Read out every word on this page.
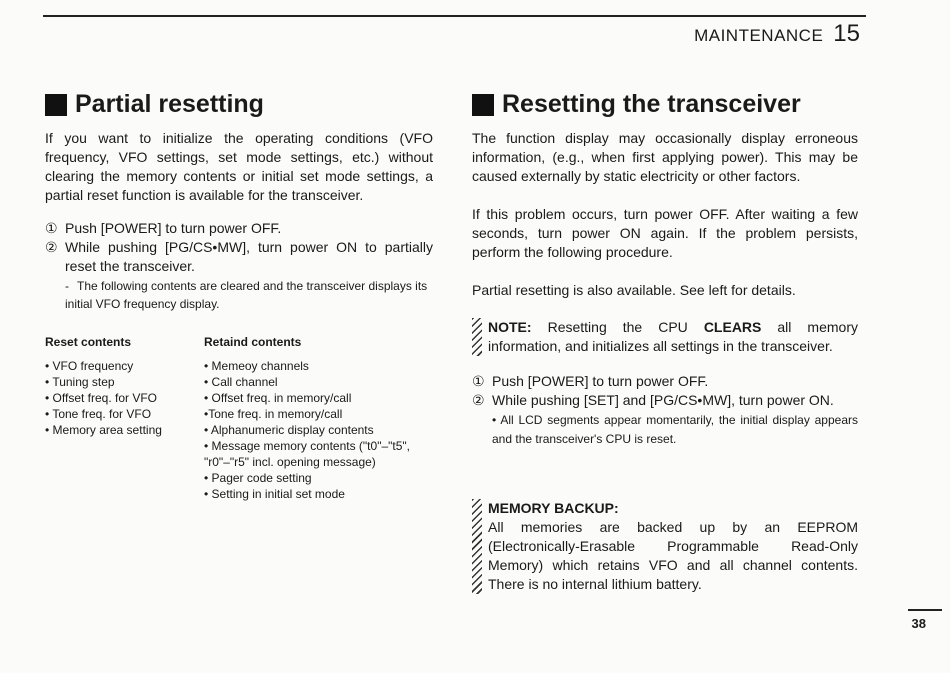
MAINTENANCE 15
Partial resetting

If you want to initialize the operating conditions (VFO frequency, VFO settings, set mode settings, etc.) without clearing the memory contents or initial set mode settings, a partial reset function is available for the transceiver.

① Push [POWER] to turn power OFF.
② While pushing [PG/CS•MW], turn power ON to partially reset the transceiver.
- The following contents are cleared and the transceiver displays its initial VFO frequency display.
Reset contents
• VFO frequency
• Tuning step
• Offset freq. for VFO
• Tone freq. for VFO
• Memory area setting
Retaind contents
• Memeoy channels
• Call channel
• Offset freq. in memory/call
•Tone freq. in memory/call
• Alphanumeric display contents
• Message memory contents ("t0"–"t5", "r0"–"r5" incl. opening message)
• Pager code setting
• Setting in initial set mode
Resetting the transceiver

The function display may occasionally display erroneous information, (e.g., when first applying power). This may be caused externally by static electricity or other factors.

If this problem occurs, turn power OFF. After waiting a few seconds, turn power ON again. If the problem persists, perform the following procedure.

Partial resetting is also available. See left for details.

NOTE: Resetting the CPU CLEARS all memory information, and initializes all settings in the transceiver.
① Push [POWER] to turn power OFF.
② While pushing [SET] and [PG/CS•MW], turn power ON.
• All LCD segments appear momentarily, the initial display appears and the transceiver's CPU is reset.
MEMORY BACKUP:
All memories are backed up by an EEPROM (Electronically-Erasable Programmable Read-Only Memory) which retains VFO and all channel contents. There is no internal lithium battery.
38
